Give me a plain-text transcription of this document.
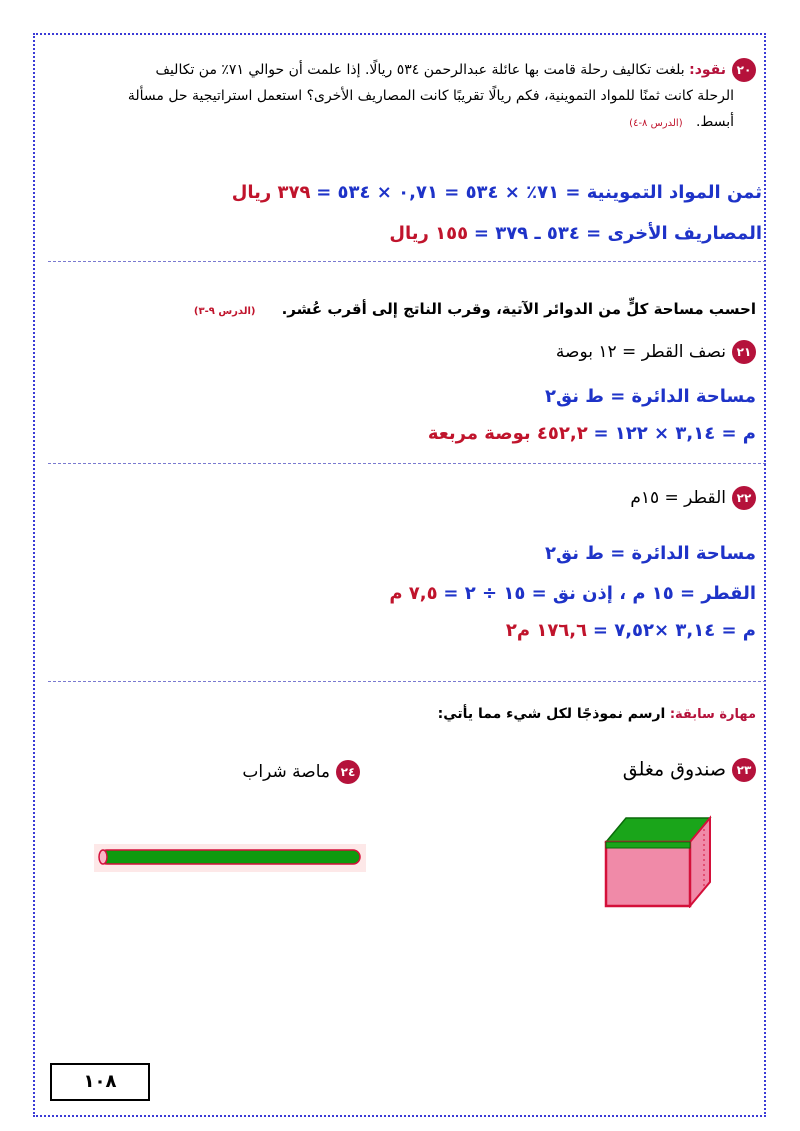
٢٠نقود: بلغت تكاليف رحلة قامت بها عائلة عبدالرحمن ٥٣٤ ريالًا. إذا علمت أن حوالي ٧١٪ من تكاليف
الرحلة كانت ثمنًا للمواد التموينية، فكم ريالًا تقريبًا كانت المصاريف الأخرى؟ استعمل استراتيجية حل مسألة
أبسط.   (الدرس ٨-٤)
ثمن المواد التموينية = ٧١٪ × ٥٣٤ = ٠,٧١ × ٥٣٤ = ٣٧٩ ريال
المصاريف الأخرى = ٥٣٤ ـ ٣٧٩ = ١٥٥ ريال
احسب مساحة كلٍّ من الدوائر الآتية، وقرب الناتج إلى أقرب عُشر.     (الدرس ٩-٣)
٢١نصف القطر = ١٢ بوصة
مساحة الدائرة = ط نق٢
م = ٣,١٤ × ١٢٢ = ٤٥٢,٢ بوصة مربعة
٢٢القطر = ١٥م
مساحة الدائرة = ط نق٢
القطر = ١٥ م ، إذن نق = ١٥ ÷ ٢ = ٧,٥ م
م = ٣,١٤ ×٧,٥٢ = ١٧٦,٦ م٢
مهارة سابقة: ارسم نموذجًا لكل شيء مما يأتي:
٢٣صندوق مغلق
٢٤ماصة شراب
١٠٨
